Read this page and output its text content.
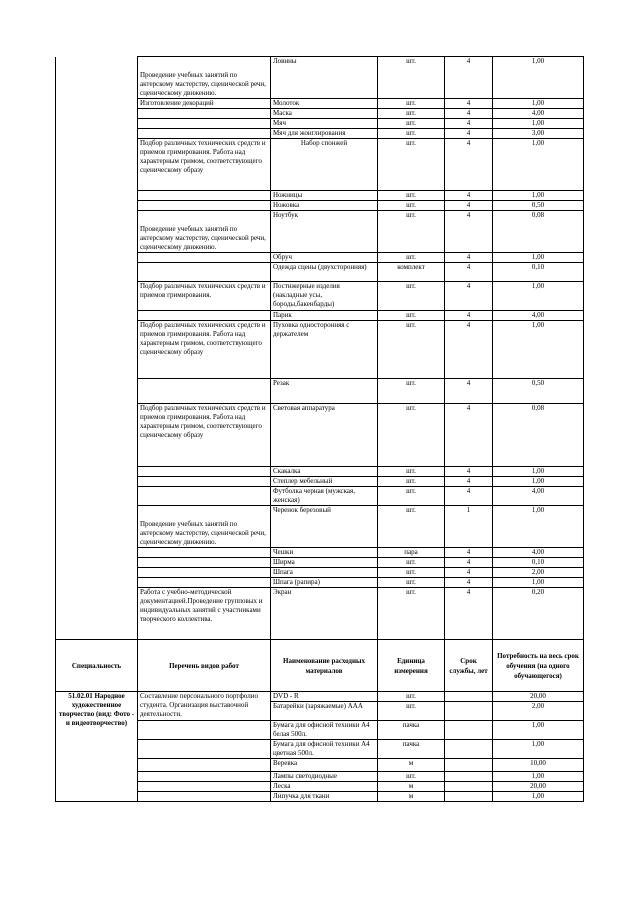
	Проведение учебных занятий по актерскому мастерству, сценической речи, сценическому движению.	Ловины	шт.	4	1,00
	Изготовление декораций	Молоток	шт.	4	1,00
		Маска	шт.	4	4,00
		Мяч	шт.	4	1,00
		Мяч для жонглирования	шт.	4	3,00
	Подбор различных технических средств и приемов гримирования. Работа над характерным гримом, соответствующего сценическому образу	Набор спонжей	шт.	4	1,00
		Ножницы	шт.	4	1,00
		Ножовка	шт.	4	0,50
	Проведение учебных занятий по актерскому мастерству, сценической речи, сценическому движению.	Ноутбук	шт.	4	0,08
		Обруч	шт.	4	1,00
		Одежда сцены (двухсторонняя)	комплект	4	0,10
	Подбор различных технических средств и приемов гримирования.	Постижерные изделия (накладные усы, бороды,бакенбарды)	шт.	4	1,00
		Парик	шт.	4	4,00
	Подбор различных технических средств и приемов гримирования. Работа над характерным гримом, соответствующего сценическому образу	Пуховка односторонняя с держателем	шт.	4	1,00
		Резак	шт.	4	0,50
	Подбор различных технических средств и приемов гримирования. Работа над характерным гримом, соответствующего сценическому образу	Световая аппаратура	шт.	4	0,08
		Скакалка	шт.	4	1,00
		Степлер мебельный	шт.	4	1,00
		Футболка черная (мужская, женская)	шт.	4	4,00
	Проведение учебных занятий по актерскому мастерству, сценической речи, сценическому движению.	Черенок березовый	шт.	1	1,00
		Чешки	пара	4	4,00
		Ширма	шт.	4	0,10
		Шпага	шт.	4	2,00
		Шпага (рапира)	шт.	4	1,00
	Работа с учебно-методической документацией.Проведение групповых и индивидуальных занятий с участниками творческого коллектива.	Экран	шт.	4	0,20
Специальность	Перечень видов работ	Наименование расходных материалов	Единица измерения	Срок службы, лет	Потребность на весь срок обучения (на одного обучающегося)
51.02.01 Народное художественное творчество (вид: Фото - и видеотворчество)	Составление персонального портфолио студента. Организация выставочной деятельности.	DVD - R	шт.		20,00
		Батарейки (заряжаемые) ААА	шт.		2,00
		Бумага для офисной техники А4 белая 500л.	пачка		1,00
		Бумага для офисной техники А4 цветная 500л.	пачка		1,00
		Веревка	м		10,00
		Лампы светодиодные	шт.		1,00
		Леска	м		20,00
		Липучка для ткани	м		1,00
